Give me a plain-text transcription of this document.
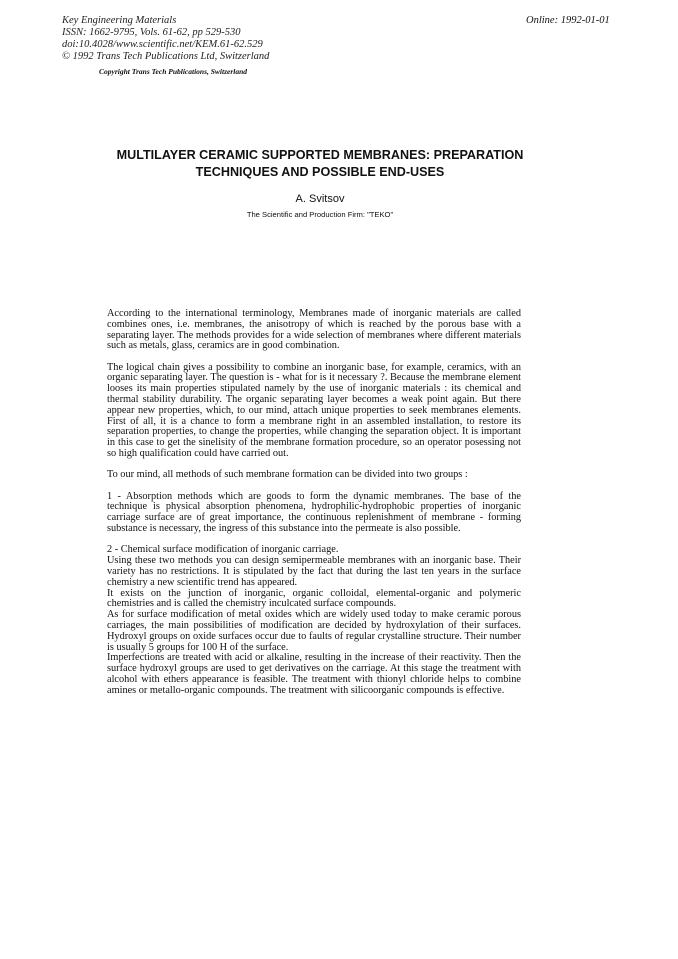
Key Engineering Materials
ISSN: 1662-9795, Vols. 61-62, pp 529-530
doi:10.4028/www.scientific.net/KEM.61-62.529
© 1992 Trans Tech Publications Ltd, Switzerland
Copyright Trans Tech Publications, Switzerland
Online: 1992-01-01
MULTILAYER CERAMIC SUPPORTED MEMBRANES: PREPARATION
TECHNIQUES AND POSSIBLE END-USES
A. Svitsov
The Scientific and Production Firm: "TEKO"

According to the international terminology, Membranes made of inorganic materials are called combines ones, i.e. membranes, the anisotropy of which is reached by the porous base with a separating layer. The methods provides for a wide selection of membranes where different materials such as metals, glass, ceramics are in good combination.

The logical chain gives a possibility to combine an inorganic base, for example, ceramics, with an organic separating layer. The question is - what for is it necessary ?. Because the membrane element looses its main properties stipulated namely by the use of inorganic materials : its chemical and thermal stability durability. The organic separating layer becomes a weak point again. But there appear new properties, which, to our mind, attach unique properties to seek membranes elements. First of all, it is a chance to form a membrane right in an assembled installation, to restore its separation properties, to change the properties, while changing the separation object. It is important in this case to get the sinelisity of the membrane formation procedure, so an operator posessing not so high qualification could have carried out.

To our mind, all methods of such membrane formation can be divided into two groups :

1 - Absorption methods which are goods to form the dynamic membranes. The base of the technique is physical absorption phenomena, hydrophilic-hydrophobic properties of inorganic carriage surface are of great importance, the continuous replenishment of membrane - forming substance is necessary, the ingress of this substance into the permeate is also possible.

2 - Chemical surface modification of inorganic carriage.

Using these two methods you can design semipermeable membranes with an inorganic base. Their variety has no restrictions. It is stipulated by the fact that during the last ten years in the surface chemistry a new scientific trend has appeared.

It exists on the junction of inorganic, organic colloidal, elemental-organic and polymeric chemistries and is called the chemistry inculcated surface compounds.

As for surface modification of metal oxides which are widely used today to make ceramic porous carriages, the main possibilities of modification are decided by hydroxylation of their surfaces. Hydroxyl groups on oxide surfaces occur due to faults of regular crystalline structure. Their number is usually 5 groups for 100 H of the surface.

Imperfections are treated with acid or alkaline, resulting in the increase of their reactivity. Then the surface hydroxyl groups are used to get derivatives on the carriage. At this stage the treatment with alcohol with ethers appearance is feasible. The treatment with thionyl chloride helps to combine amines or metallo-organic compounds. The treatment with silicoorganic compounds is effective.
